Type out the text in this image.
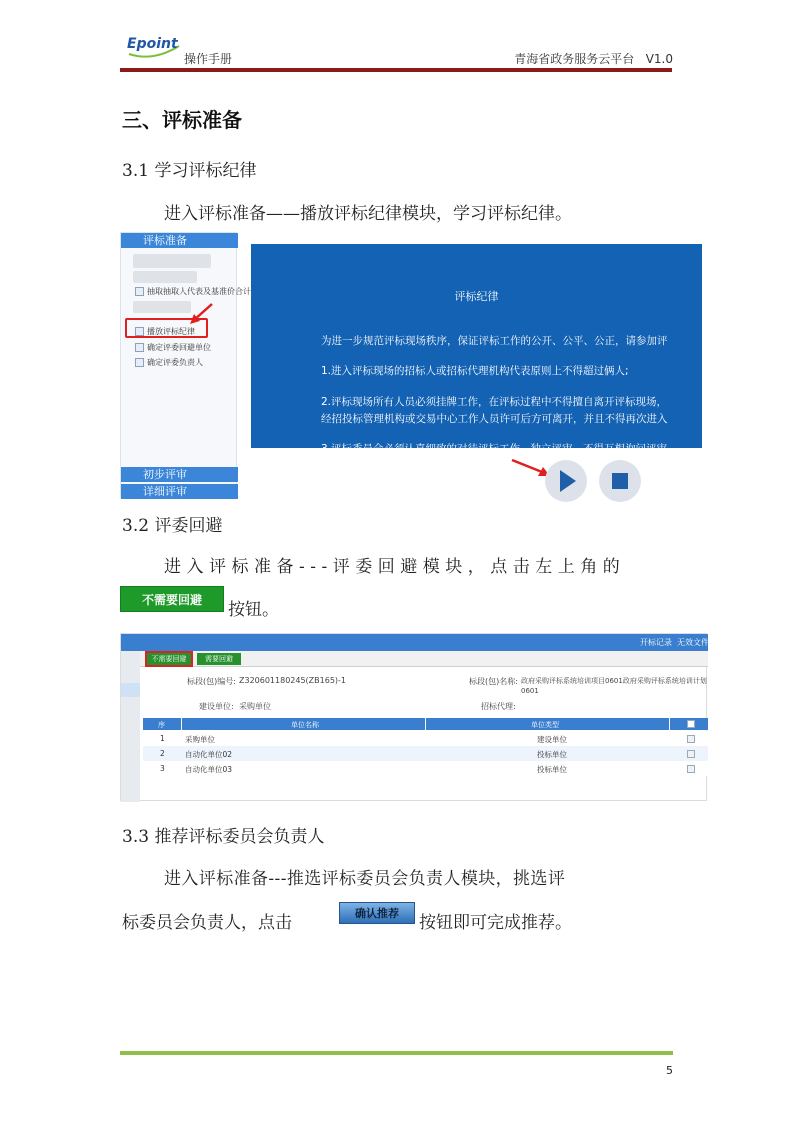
Epoint
操作手册	青海省政务服务云平台   V1.0
三、评标准备
3.1 学习评标纪律
进入评标准备——播放评标纪律模块，学习评标纪律。
评标准备
抽取抽取人代表及基准价合计
播放评标纪律
确定评委回避单位
确定评委负责人
初步评审
详细评审
评标纪律
为进一步规范评标现场秩序，保证评标工作的公开、公平、公正，请参加评
1.进入评标现场的招标人或招标代理机构代表原则上不得超过俩人;
2.评标现场所有人员必须挂牌工作，在评标过程中不得擅自离开评标现场，
经招投标管理机构或交易中心工作人员许可后方可离开，并且不得再次进入
3.评标委员会必须认真细致的对待评标工作，独立评审，不得互相询问评审
3.2 评委回避
进入评标准备---评委回避模块，点击左上角的
不需要回避	按钮。
开标记录 无效文件
不需要回避	需要回避
标段(包)编号: Z320601180245(ZB165)-1	标段(包)名称: 政府采购评标系统培训项目0601政府采购评标系统培训计划
0601
建设单位: 采购单位	招标代理:
序	单位名称	单位类型
1	采购单位	建设单位
2	自动化单位02	投标单位
3	自动化单位03	投标单位
3.3 推荐评标委员会负责人
进入评标准备---推选评标委员会负责人模块，挑选评
标委员会负责人，点击	确认推荐	按钮即可完成推荐。
5
